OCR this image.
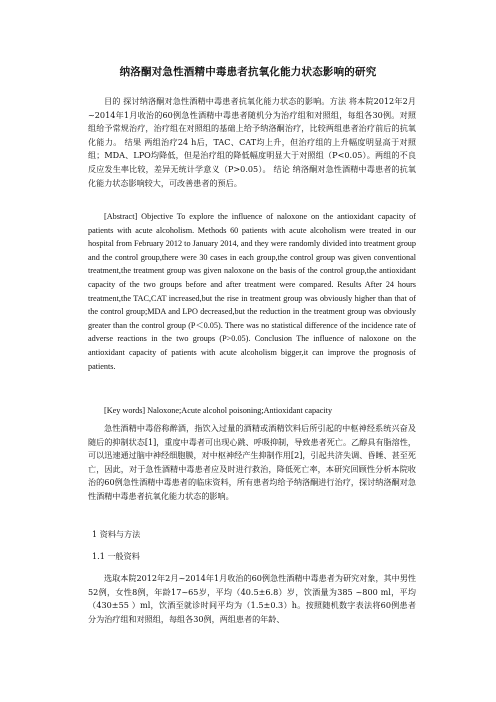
纳洛酮对急性酒精中毒患者抗氧化能力状态影响的研究

目的 探讨纳洛酮对急性酒精中毒患者抗氧化能力状态的影响。方法 将本院2012年2月~2014年1月收治的60例急性酒精中毒患者随机分为治疗组和对照组，每组各30例。对照组给予常规治疗，治疗组在对照组的基础上给予纳洛酮治疗，比较两组患者治疗前后的抗氧化能力。 结果 两组治疗24 h后，TAC、CAT均上升，但治疗组的上升幅度明显高于对照组；MDA、LPO均降低，但是治疗组的降低幅度明显大于对照组（P<0.05）。两组的不良反应发生率比较，差异无统计学意义（P>0.05）。 结论 纳洛酮对急性酒精中毒患者的抗氧化能力状态影响较大，可改善患者的预后。

[Abstract] Objective To explore the influence of naloxone on the antioxidant capacity of patients with acute alcoholism. Methods 60 patients with acute alcoholism were treated in our hospital from February 2012 to January 2014, and they were randomly divided into treatment group and the control group,there were 30 cases in each group,the control group was given conventional treatment,the treatment group was given naloxone on the basis of the control group,the antioxidant capacity of the two groups before and after treatment were compared. Results After 24 hours treatment,the TAC,CAT increased,but the rise in treatment group was obviously higher than that of the control group;MDA and LPO decreased,but the reduction in the treatment group was obviously greater than the control group (P＜0.05). There was no statistical difference of the incidence rate of adverse reactions in the two groups (P>0.05). Conclusion The influence of naloxone on the antioxidant capacity of patients with acute alcoholism bigger,it can improve the prognosis of patients.

[Key words] Naloxone;Acute alcohol poisoning;Antioxidant capacity

急性酒精中毒俗称醉酒，指饮入过量的酒精或酒精饮料后所引起的中枢神经系统兴奋及随后的抑制状态[1]，重度中毒者可出现心跳、呼吸抑制，导致患者死亡。乙醇具有脂溶性，可以迅速通过脑中神经细胞膜，对中枢神经产生抑制作用[2]，引起共济失调、昏睡、甚至死亡，因此，对于急性酒精中毒患者应及时进行救治，降低死亡率，本研究回顾性分析本院收治的60例急性酒精中毒患者的临床资料，所有患者均给予纳洛酮进行治疗，探讨纳洛酮对急性酒精中毒患者抗氧化能力状态的影响。

1 资料与方法
1.1 一般资料

选取本院2012年2月~2014年1月收治的60例急性酒精中毒患者为研究对象，其中男性52例，女性8例，年龄17~65岁，平均（40.5±6.8）岁，饮酒量为385 ~800 ml，平均（430±55 ）ml，饮酒至就诊时间平均为（1.5±0.3）h。按照随机数字表法将60例患者分为治疗组和对照组，每组各30例，两组患者的年龄、
